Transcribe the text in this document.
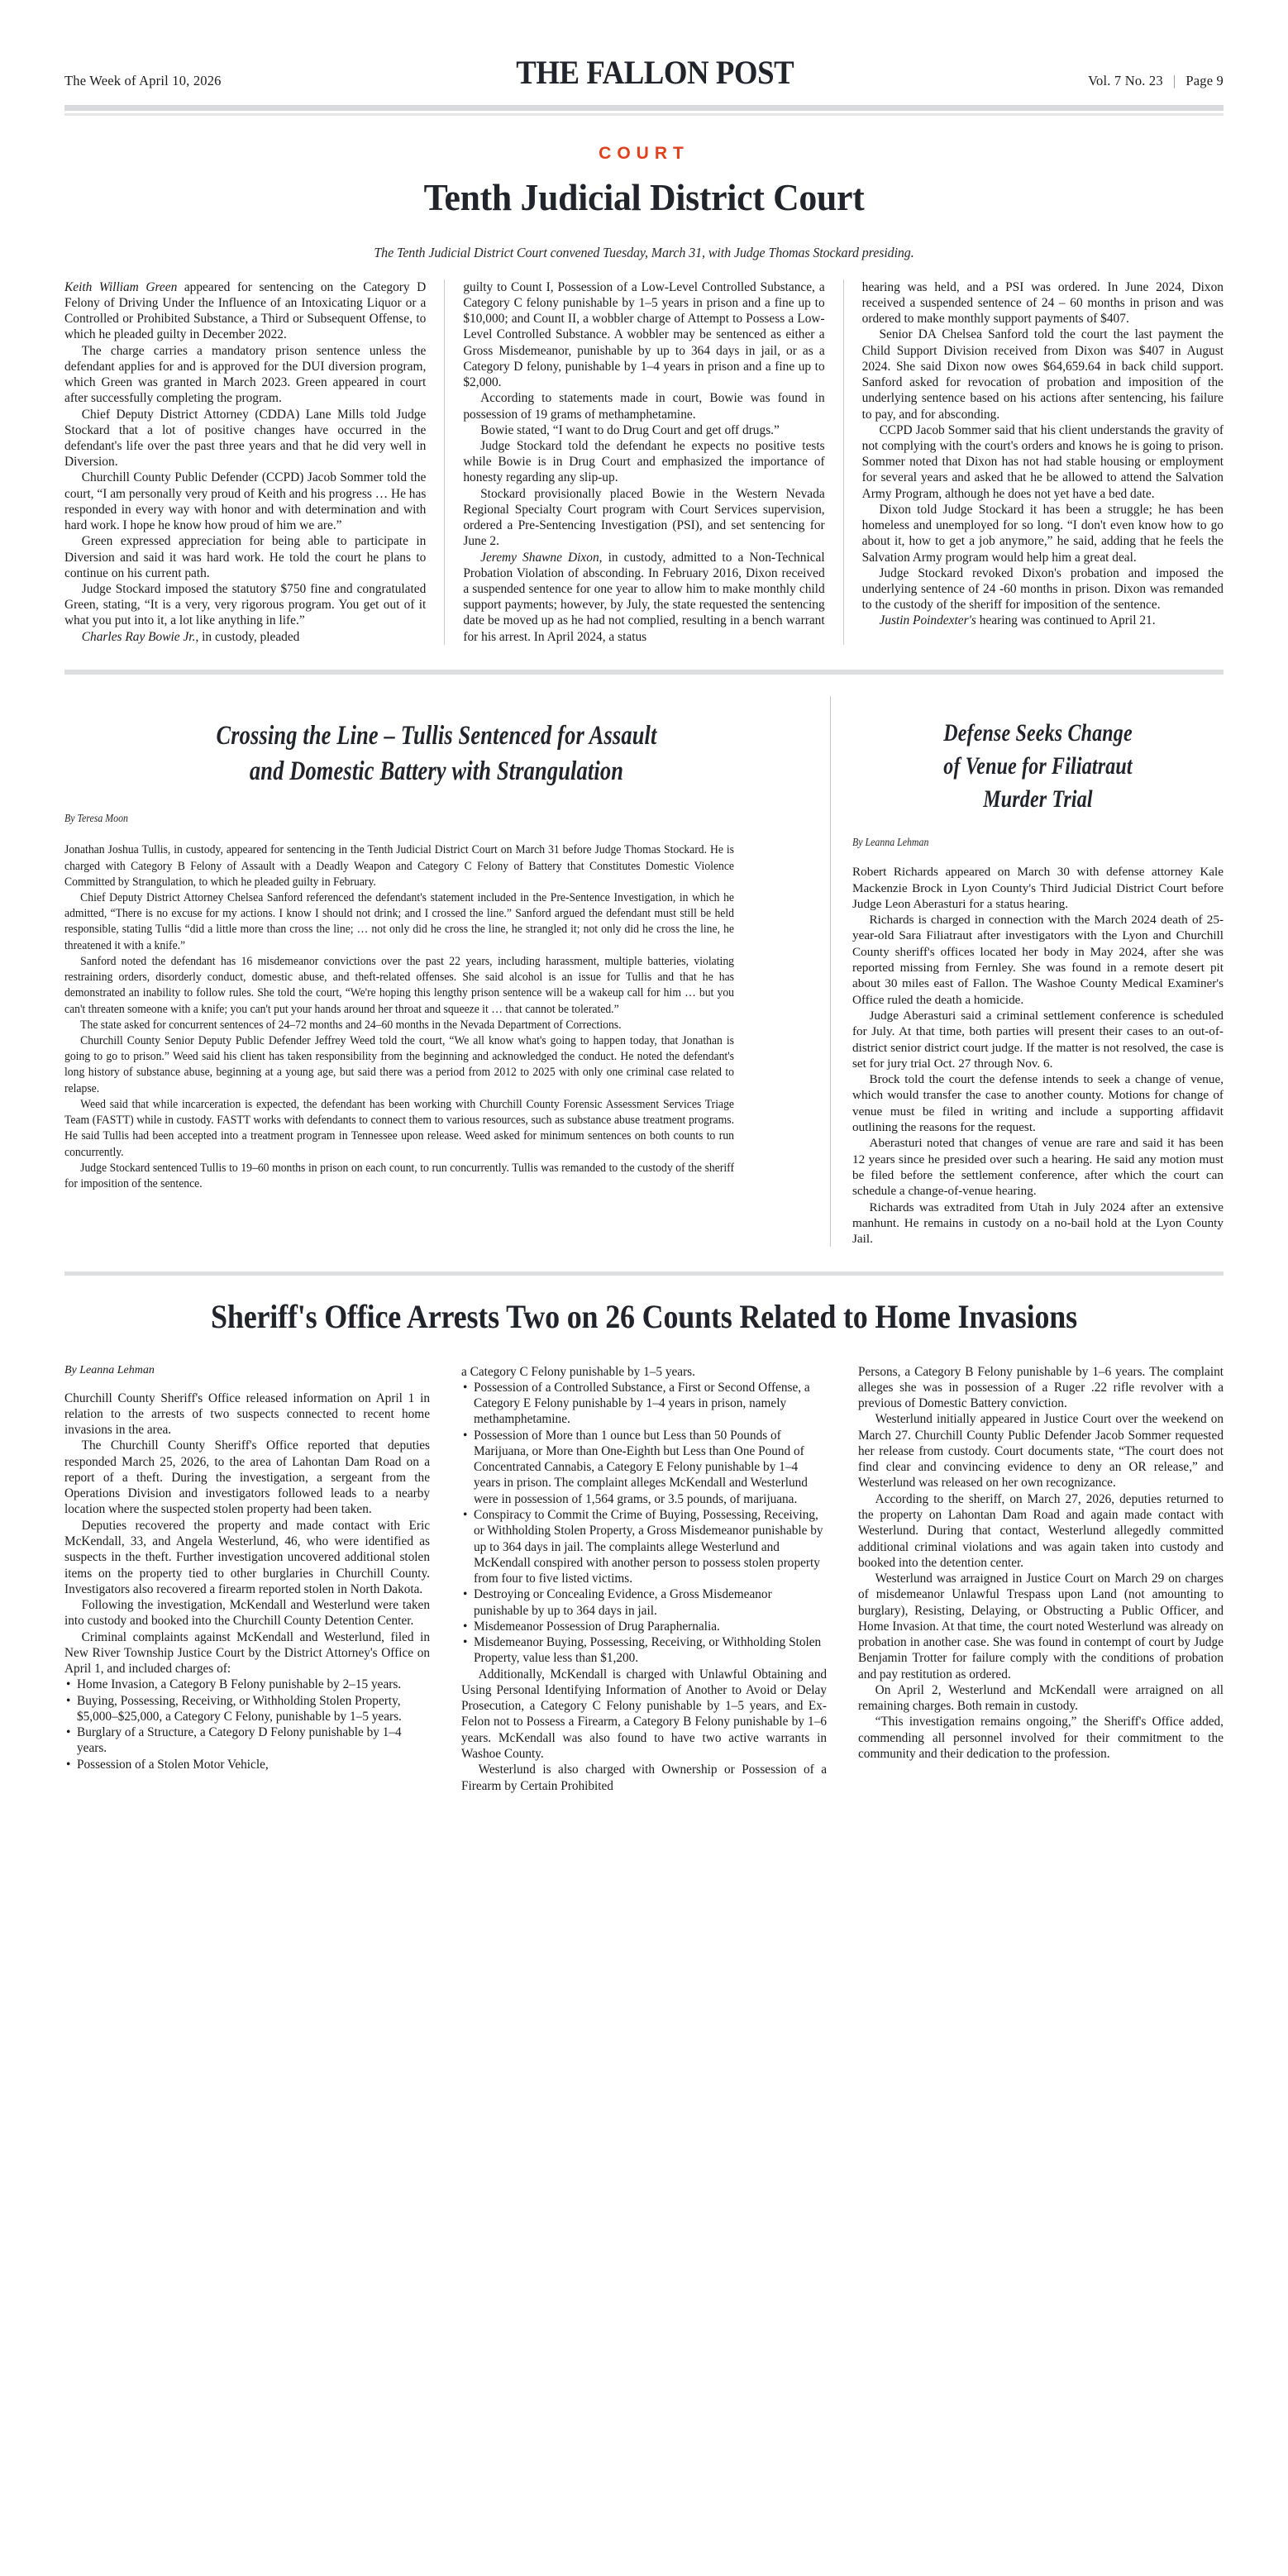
The Week of April 10, 2026	THE FALLON POST	Vol. 7 No. 23 | Page 9
COURT
Tenth Judicial District Court
The Tenth Judicial District Court convened Tuesday, March 31, with Judge Thomas Stockard presiding.

Keith William Green appeared for sentencing on the Category D Felony of Driving Under the Influence of an Intoxicating Liquor or a Controlled or Prohibited Substance, a Third or Subsequent Offense, to which he pleaded guilty in December 2022.

The charge carries a mandatory prison sentence unless the defendant applies for and is approved for the DUI diversion program, which Green was granted in March 2023. Green appeared in court after successfully completing the program.

Chief Deputy District Attorney (CDDA) Lane Mills told Judge Stockard that a lot of positive changes have occurred in the defendant's life over the past three years and that he did very well in Diversion.

Churchill County Public Defender (CCPD) Jacob Sommer told the court, “I am personally very proud of Keith and his progress … He has responded in every way with honor and with determination and with hard work. I hope he know how proud of him we are.”

Green expressed appreciation for being able to participate in Diversion and said it was hard work. He told the court he plans to continue on his current path.

Judge Stockard imposed the statutory $750 fine and congratulated Green, stating, “It is a very, very rigorous program. You get out of it what you put into it, a lot like anything in life.”

Charles Ray Bowie Jr., in custody, pleaded

guilty to Count I, Possession of a Low-Level Controlled Substance, a Category C felony punishable by 1–5 years in prison and a fine up to $10,000; and Count II, a wobbler charge of Attempt to Possess a Low-Level Controlled Substance. A wobbler may be sentenced as either a Gross Misdemeanor, punishable by up to 364 days in jail, or as a Category D felony, punishable by 1–4 years in prison and a fine up to $2,000.

According to statements made in court, Bowie was found in possession of 19 grams of methamphetamine.

Bowie stated, “I want to do Drug Court and get off drugs.”

Judge Stockard told the defendant he expects no positive tests while Bowie is in Drug Court and emphasized the importance of honesty regarding any slip-up.

Stockard provisionally placed Bowie in the Western Nevada Regional Specialty Court program with Court Services supervision, ordered a Pre-Sentencing Investigation (PSI), and set sentencing for June 2.

Jeremy Shawne Dixon, in custody, admitted to a Non-Technical Probation Violation of absconding. In February 2016, Dixon received a suspended sentence for one year to allow him to make monthly child support payments; however, by July, the state requested the sentencing date be moved up as he had not complied, resulting in a bench warrant for his arrest. In April 2024, a status

hearing was held, and a PSI was ordered. In June 2024, Dixon received a suspended sentence of 24 – 60 months in prison and was ordered to make monthly support payments of $407.

Senior DA Chelsea Sanford told the court the last payment the Child Support Division received from Dixon was $407 in August 2024. She said Dixon now owes $64,659.64 in back child support. Sanford asked for revocation of probation and imposition of the underlying sentence based on his actions after sentencing, his failure to pay, and for absconding.

CCPD Jacob Sommer said that his client understands the gravity of not complying with the court's orders and knows he is going to prison. Sommer noted that Dixon has not had stable housing or employment for several years and asked that he be allowed to attend the Salvation Army Program, although he does not yet have a bed date.

Dixon told Judge Stockard it has been a struggle; he has been homeless and unemployed for so long. “I don't even know how to go about it, how to get a job anymore,” he said, adding that he feels the Salvation Army program would help him a great deal.

Judge Stockard revoked Dixon's probation and imposed the underlying sentence of 24 -60 months in prison. Dixon was remanded to the custody of the sheriff for imposition of the sentence.

Justin Poindexter's hearing was continued to April 21.

Crossing the Line – Tullis Sentenced for Assault
and Domestic Battery with Strangulation
By Teresa Moon

Jonathan Joshua Tullis, in custody, appeared for sentencing in the Tenth Judicial District Court on March 31 before Judge Thomas Stockard. He is charged with Category B Felony of Assault with a Deadly Weapon and Category C Felony of Battery that Constitutes Domestic Violence Committed by Strangulation, to which he pleaded guilty in February.

Chief Deputy District Attorney Chelsea Sanford referenced the defendant's statement included in the Pre-Sentence Investigation, in which he admitted, “There is no excuse for my actions. I know I should not drink; and I crossed the line.” Sanford argued the defendant must still be held responsible, stating Tullis “did a little more than cross the line; … not only did he cross the line, he strangled it; not only did he cross the line, he threatened it with a knife.”

Sanford noted the defendant has 16 misdemeanor convictions over the past 22 years, including harassment, multiple batteries, violating restraining orders, disorderly conduct, domestic abuse, and theft-related offenses. She said alcohol is an issue for Tullis and that he has demonstrated an inability to follow rules. She told the court, “We're hoping this lengthy prison sentence will be a wakeup call for him … but you can't threaten someone with a knife; you can't put your hands around her throat and squeeze it … that cannot be tolerated.”

The state asked for concurrent sentences of 24–72 months and 24–60 months in the Nevada Department of Corrections.

Churchill County Senior Deputy Public Defender Jeffrey Weed told the court, “We all know what's going to happen today, that Jonathan is going to go to prison.” Weed said his client has taken responsibility from the beginning and acknowledged the conduct. He noted the defendant's long history of substance abuse, beginning at a young age, but said there was a period from 2012 to 2025 with only one criminal case related to relapse.

Weed said that while incarceration is expected, the defendant has been working with Churchill County Forensic Assessment Services Triage Team (FASTT) while in custody. FASTT works with defendants to connect them to various resources, such as substance abuse treatment programs. He said Tullis had been accepted into a treatment program in Tennessee upon release. Weed asked for minimum sentences on both counts to run concurrently.

Judge Stockard sentenced Tullis to 19–60 months in prison on each count, to run concurrently. Tullis was remanded to the custody of the sheriff for imposition of the sentence.

Defense Seeks Change
of Venue for Filiatraut
Murder Trial
By Leanna Lehman

Robert Richards appeared on March 30 with defense attorney Kale Mackenzie Brock in Lyon County's Third Judicial District Court before Judge Leon Aberasturi for a status hearing.

Richards is charged in connection with the March 2024 death of 25-year-old Sara Filiatraut after investigators with the Lyon and Churchill County sheriff's offices located her body in May 2024, after she was reported missing from Fernley. She was found in a remote desert pit about 30 miles east of Fallon. The Washoe County Medical Examiner's Office ruled the death a homicide.

Judge Aberasturi said a criminal settlement conference is scheduled for July. At that time, both parties will present their cases to an out-of-district senior district court judge. If the matter is not resolved, the case is set for jury trial Oct. 27 through Nov. 6.

Brock told the court the defense intends to seek a change of venue, which would transfer the case to another county. Motions for change of venue must be filed in writing and include a supporting affidavit outlining the reasons for the request.

Aberasturi noted that changes of venue are rare and said it has been 12 years since he presided over such a hearing. He said any motion must be filed before the settlement conference, after which the court can schedule a change-of-venue hearing.

Richards was extradited from Utah in July 2024 after an extensive manhunt. He remains in custody on a no-bail hold at the Lyon County Jail.

Sheriff's Office Arrests Two on 26 Counts Related to Home Invasions
By Leanna Lehman

Churchill County Sheriff's Office released information on April 1 in relation to the arrests of two suspects connected to recent home invasions in the area.

The Churchill County Sheriff's Office reported that deputies responded March 25, 2026, to the area of Lahontan Dam Road on a report of a theft. During the investigation, a sergeant from the Operations Division and investigators followed leads to a nearby location where the suspected stolen property had been taken.

Deputies recovered the property and made contact with Eric McKendall, 33, and Angela Westerlund, 46, who were identified as suspects in the theft. Further investigation uncovered additional stolen items on the property tied to other burglaries in Churchill County. Investigators also recovered a firearm reported stolen in North Dakota.

Following the investigation, McKendall and Westerlund were taken into custody and booked into the Churchill County Detention Center.

Criminal complaints against McKendall and Westerlund, filed in New River Township Justice Court by the District Attorney's Office on April 1, and included charges of:

• Home Invasion, a Category B Felony punishable by 2–15 years.
• Buying, Possessing, Receiving, or Withholding Stolen Property, $5,000–$25,000, a Category C Felony, punishable by 1–5 years.
• Burglary of a Structure, a Category D Felony punishable by 1–4 years.
• Possession of a Stolen Motor Vehicle,

a Category C Felony punishable by 1–5 years.

• Possession of a Controlled Substance, a First or Second Offense, a Category E Felony punishable by 1–4 years in prison, namely methamphetamine.
• Possession of More than 1 ounce but Less than 50 Pounds of Marijuana, or More than One-Eighth but Less than One Pound of Concentrated Cannabis, a Category E Felony punishable by 1–4 years in prison. The complaint alleges McKendall and Westerlund were in possession of 1,564 grams, or 3.5 pounds, of marijuana.
• Conspiracy to Commit the Crime of Buying, Possessing, Receiving, or Withholding Stolen Property, a Gross Misdemeanor punishable by up to 364 days in jail. The complaints allege Westerlund and McKendall conspired with another person to possess stolen property from four to five listed victims.
• Destroying or Concealing Evidence, a Gross Misdemeanor punishable by up to 364 days in jail.
• Misdemeanor Possession of Drug Paraphernalia.
• Misdemeanor Buying, Possessing, Receiving, or Withholding Stolen Property, value less than $1,200.

Additionally, McKendall is charged with Unlawful Obtaining and Using Personal Identifying Information of Another to Avoid or Delay Prosecution, a Category C Felony punishable by 1–5 years, and Ex-Felon not to Possess a Firearm, a Category B Felony punishable by 1–6 years. McKendall was also found to have two active warrants in Washoe County.

Westerlund is also charged with Ownership or Possession of a Firearm by Certain Prohibited

Persons, a Category B Felony punishable by 1–6 years. The complaint alleges she was in possession of a Ruger .22 rifle revolver with a previous of Domestic Battery conviction.

Westerlund initially appeared in Justice Court over the weekend on March 27. Churchill County Public Defender Jacob Sommer requested her release from custody. Court documents state, “The court does not find clear and convincing evidence to deny an OR release,” and Westerlund was released on her own recognizance.

According to the sheriff, on March 27, 2026, deputies returned to the property on Lahontan Dam Road and again made contact with Westerlund. During that contact, Westerlund allegedly committed additional criminal violations and was again taken into custody and booked into the detention center.

Westerlund was arraigned in Justice Court on March 29 on charges of misdemeanor Unlawful Trespass upon Land (not amounting to burglary), Resisting, Delaying, or Obstructing a Public Officer, and Home Invasion. At that time, the court noted Westerlund was already on probation in another case. She was found in contempt of court by Judge Benjamin Trotter for failure comply with the conditions of probation and pay restitution as ordered.

On April 2, Westerlund and McKendall were arraigned on all remaining charges. Both remain in custody.

“This investigation remains ongoing,” the Sheriff's Office added, commending all personnel involved for their commitment to the community and their dedication to the profession.
